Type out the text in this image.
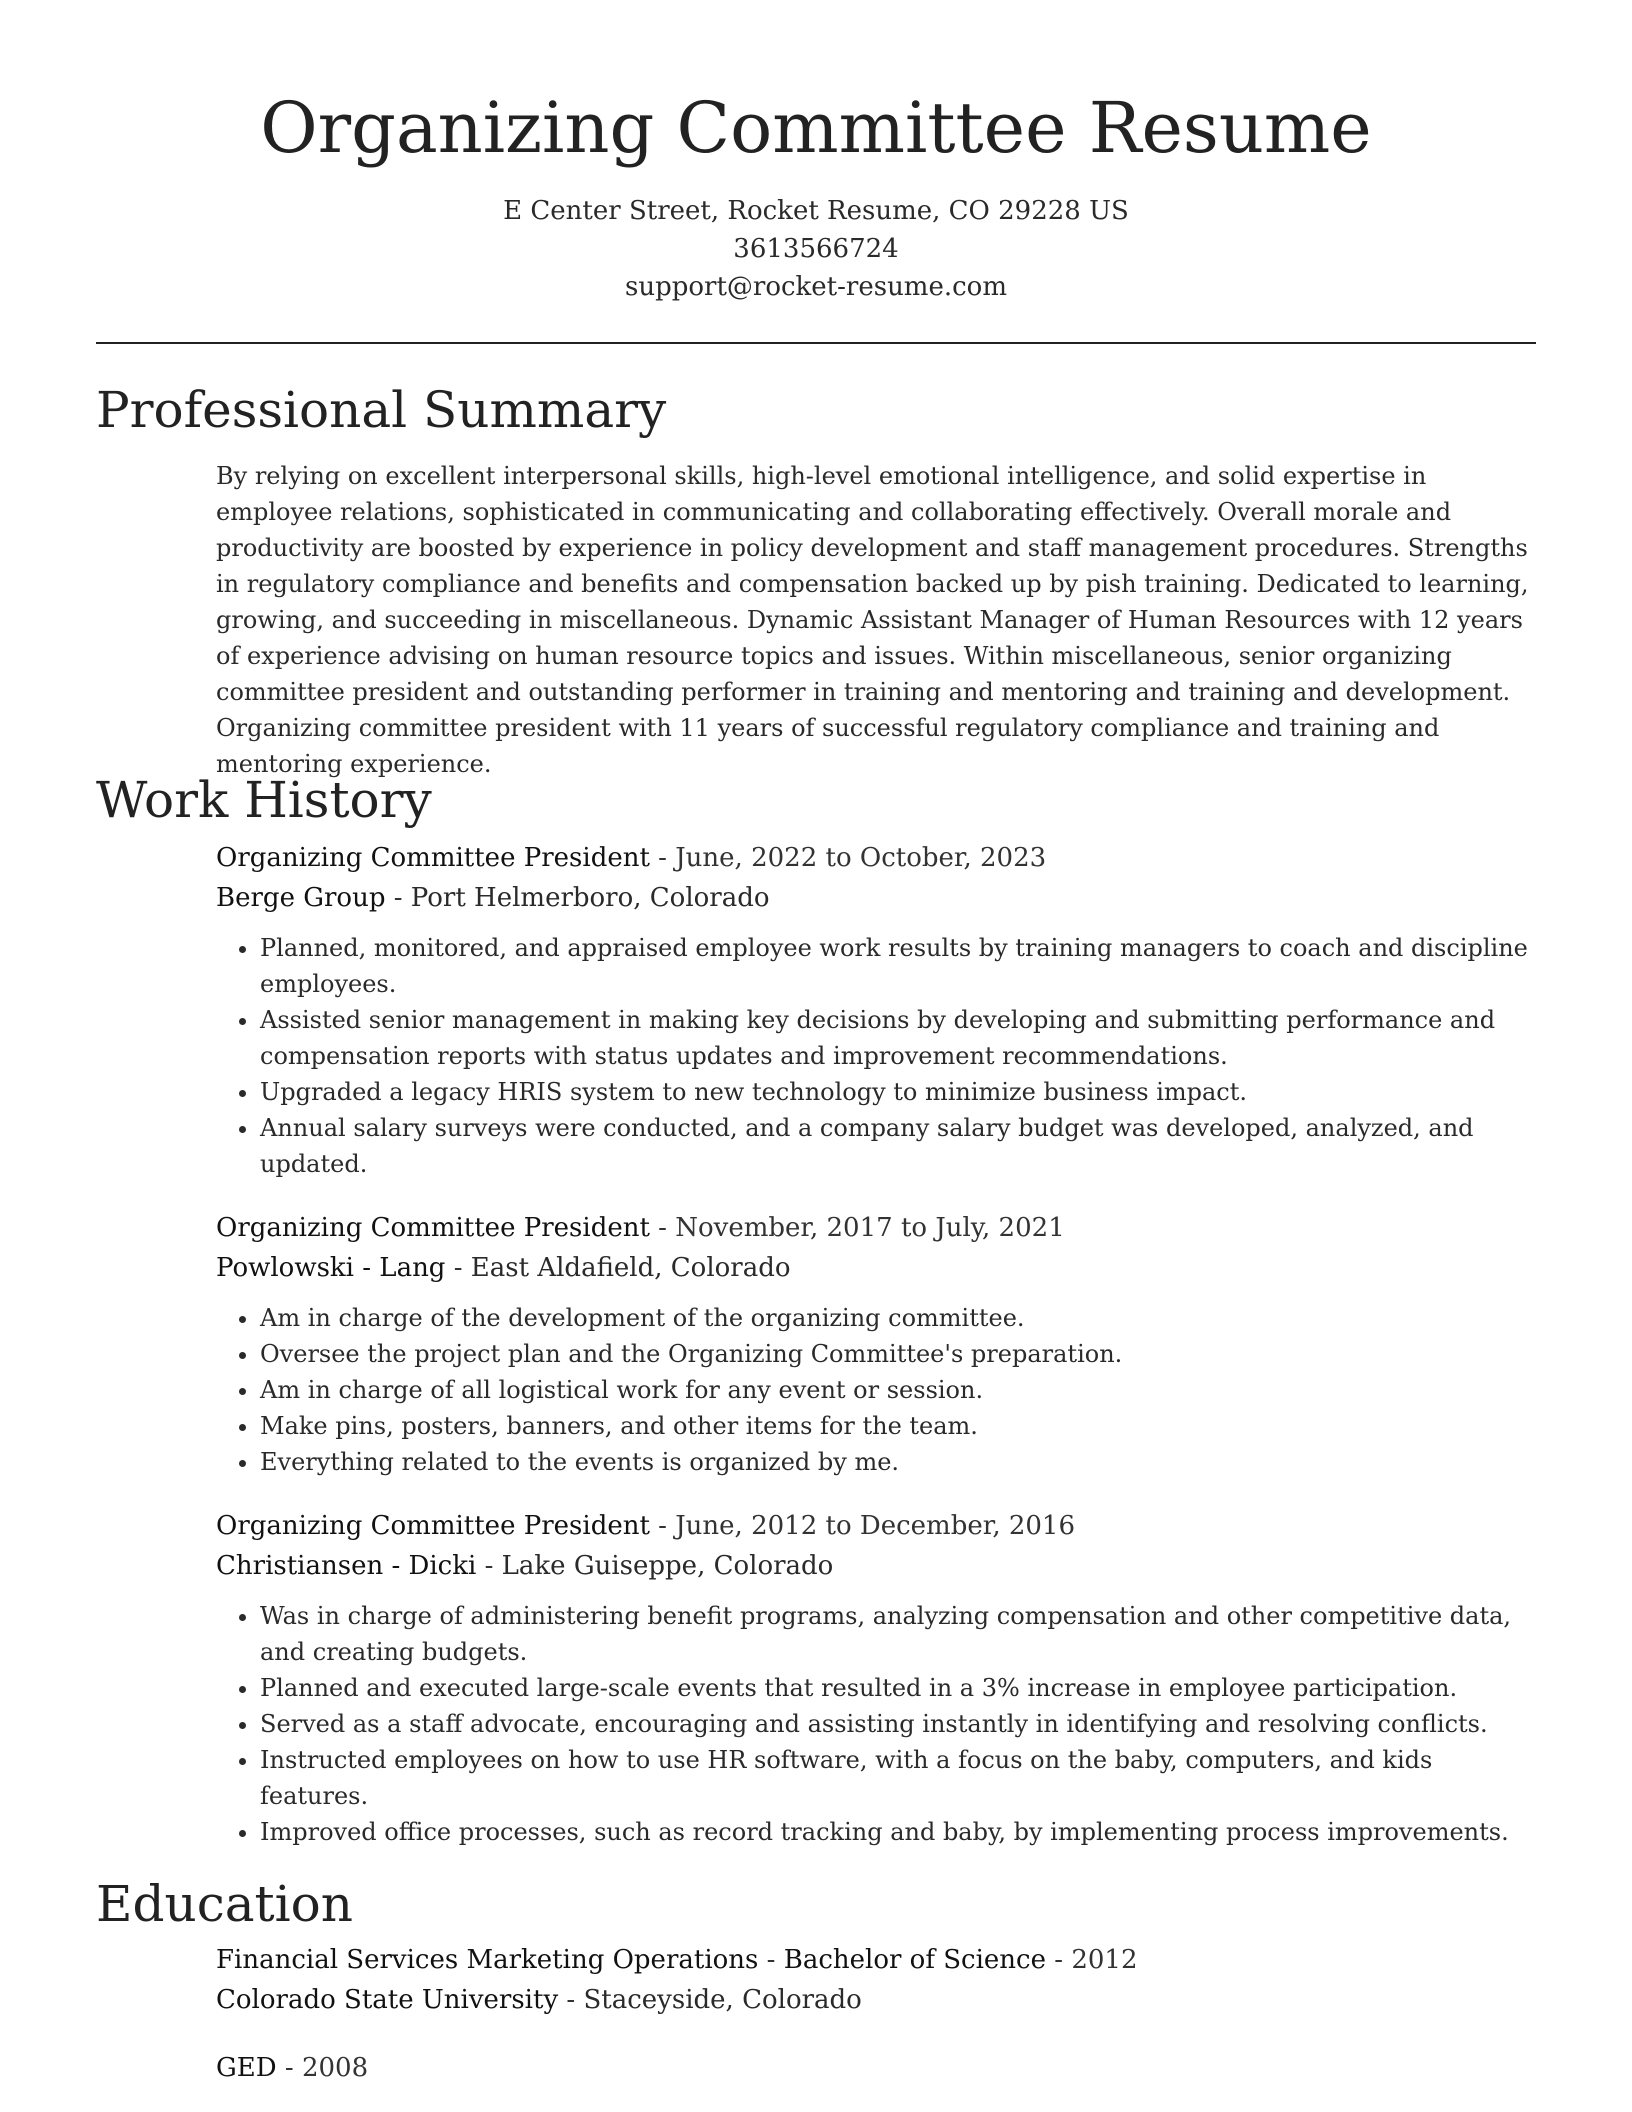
Organizing Committee Resume
E Center Street, Rocket Resume, CO 29228 US
3613566724
support@rocket-resume.com
Professional Summary

By relying on excellent interpersonal skills, high-level emotional intelligence, and solid expertise in employee relations, sophisticated in communicating and collaborating effectively. Overall morale and productivity are boosted by experience in policy development and staff management procedures. Strengths in regulatory compliance and benefits and compensation backed up by pish training. Dedicated to learning, growing, and succeeding in miscellaneous. Dynamic Assistant Manager of Human Resources with 12 years of experience advising on human resource topics and issues. Within miscellaneous, senior organizing committee president and outstanding performer in training and mentoring and training and development. Organizing committee president with 11 years of successful regulatory compliance and training and mentoring experience.

Work History
Organizing Committee President - June, 2022 to October, 2023
Berge Group - Port Helmerboro, Colorado
• Planned, monitored, and appraised employee work results by training managers to coach and discipline employees.
• Assisted senior management in making key decisions by developing and submitting performance and compensation reports with status updates and improvement recommendations.
• Upgraded a legacy HRIS system to new technology to minimize business impact.
• Annual salary surveys were conducted, and a company salary budget was developed, analyzed, and updated.
Organizing Committee President - November, 2017 to July, 2021
Powlowski - Lang - East Aldafield, Colorado
• Am in charge of the development of the organizing committee.
• Oversee the project plan and the Organizing Committee's preparation.
• Am in charge of all logistical work for any event or session.
• Make pins, posters, banners, and other items for the team.
• Everything related to the events is organized by me.
Organizing Committee President - June, 2012 to December, 2016
Christiansen - Dicki - Lake Guiseppe, Colorado
• Was in charge of administering benefit programs, analyzing compensation and other competitive data, and creating budgets.
• Planned and executed large-scale events that resulted in a 3% increase in employee participation.
• Served as a staff advocate, encouraging and assisting instantly in identifying and resolving conflicts.
• Instructed employees on how to use HR software, with a focus on the baby, computers, and kids features.
• Improved office processes, such as record tracking and baby, by implementing process improvements.
Education
Financial Services Marketing Operations - Bachelor of Science - 2012
Colorado State University - Staceyside, Colorado
GED - 2008
